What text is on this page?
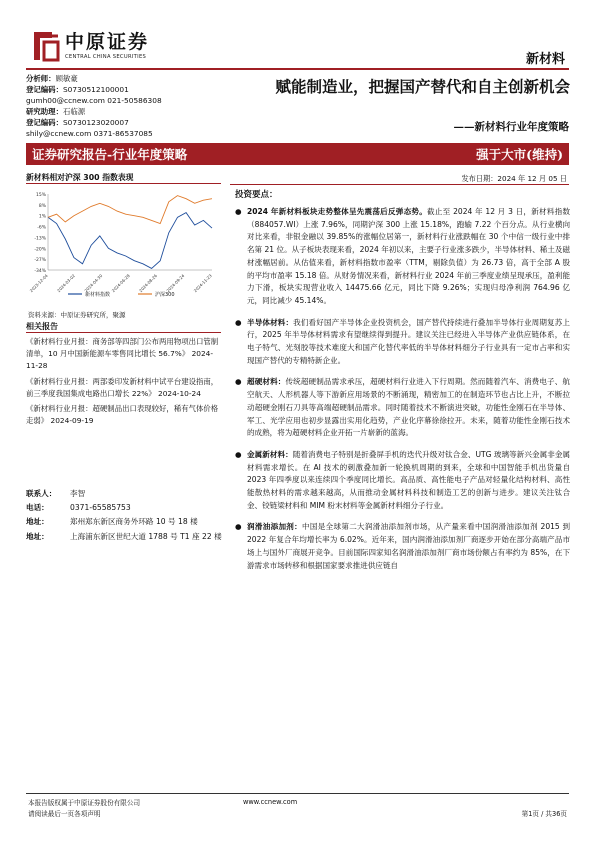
中原证券
CENTRAL CHINA SECURITIES	新材料
分析师：顾敏豪
登记编码：S0730512100001
gumh00@ccnew.com 021-50586308
研究助理：石临源
登记编码：S0730123020007
shily@ccnew.com 0371-86537085
赋能制造业，把握国产替代和自主创新机会
——新材料行业年度策略
证券研究报告-行业年度策略	强于大市(维持)
新材料相对沪深 300 指数表现	发布日期：2024 年 12 月 05 日
15%
8%
1%
-6%
-13%
-20%
-27%
-34%
2023-12-04 2024-03-02 2024-04-30 2024-06-28 2024-08-26 2024-09-24 2024-11-23
新材料指数	沪深300
资料来源：中原证券研究所，聚源
相关报告
《新材料行业月报：商务部等四部门公布两用物项出口管制清单，10 月中国新能源车零售同比增长 56.7%》 2024-11-28
《新材料行业月报：两部委印发新材料中试平台建设指南，前三季度我国集成电路出口增长 22%》 2024-10-24
《新材料行业月报：超硬制品出口表现较好，稀有气体价格走弱》 2024-09-19
联系人：	李智
电话：	0371-65585753
地址：	郑州郑东新区商务外环路 10 号 18 楼
地址：	上海浦东新区世纪大道 1788 号 T1 座 22 楼
投资要点：
● 2024 年新材料板块走势整体呈先震荡后反弹态势。截止至 2024 年 12 月 3 日，新材料指数（884057.WI）上涨 7.96%，同期沪深 300 上涨 15.18%，跑输 7.22 个百分点。从行业横向对比来看，非银金融以 39.85%的涨幅位居第一，新材料行业涨跌幅在 30 个中信一级行业中排名第 21 位。从子板块表现来看，2024 年初以来，主要子行业涨多跌少，半导体材料、稀土及磁材涨幅居前。从估值来看，新材料指数市盈率（TTM，剔除负值）为 26.73 倍，高于全部 A 股的平均市盈率 15.18 倍。从财务情况来看，新材料行业 2024 年前三季度业绩呈现承压，盈利能力下滑，板块实现营业收入 14475.66 亿元，同比下降 9.26%；实现归母净利润 764.96 亿元，同比减少 45.14%。
● 半导体材料：我们看好国产半导体企业投资机会，国产替代持续进行叠加半导体行业周期复苏上行，2025 年半导体材料需求有望继续得到提升。建议关注已经进入半导体产业供应链体系，在电子特气、光刻胶等技术难度大和国产化替代率低的半导体材料细分子行业具有一定市占率和实现国产替代的专精特新企业。
● 超硬材料：传统超硬制品需求承压，超硬材料行业进入下行周期。然而随着汽车、消费电子、航空航天、人形机器人等下游新应用场景的不断涌现，精密加工的在制造环节也占比上升，不断拉动超硬金刚石刀具等高端超硬制品需求。同时随着技术不断演进突破，功能性金刚石在半导体、军工、光学应用也初步显露出实用化趋势，产业化序幕徐徐拉开。未来，随着功能性金刚石技术的成熟，将为超硬材料企业开拓一片崭新的蓝海。
● 金属新材料：随着消费电子特别是折叠屏手机的迭代升级对钛合金、UTG 玻璃等新兴金属非金属材料需求增长。在 AI 技术的刺激叠加新一轮换机周期的到来，全球和中国智能手机出货量自 2023 年四季度以来连续四个季度同比增长。高品质、高性能电子产品对轻量化结构材料、高性能散热材料的需求越来越高，从而推动金属材料科技和制造工艺的创新与进步。建议关注钛合金、铰链梁材料和 MIM 粉末材料等金属新材料细分子行业。
● 润滑油添加剂：中国是全球第二大润滑油添加剂市场，从产量来看中国润滑油添加剂 2015 到 2022 年复合年均增长率为 6.02%。近年来，国内润滑油添加剂厂商逐步开始在部分高端产品市场上与国外厂商展开竞争。目前国际四家知名润滑油添加剂厂商市场份额占有率约为 85%，在下游需求市场转移和根据国家要求推进供应链自
本报告版权属于中原证券股份有限公司
请阅读最后一页各项声明
www.ccnew.com
第1页 / 共36页
